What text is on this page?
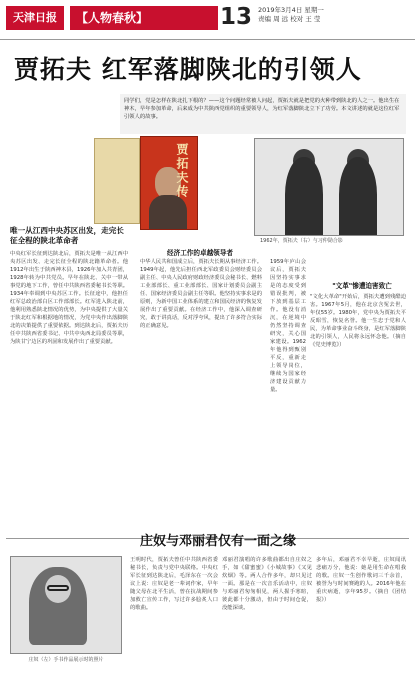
天津日报	【人物春秋】	13 2019年3月4日 星期一
责编 周 远 校对 王 莹
贾拓夫 红军落脚陕北的引领人
同学们，党是怎样在陕北扎下根的？——这个问题经常被人问起，贾拓夫就是把党的火种带到陕北的人之一。他出生在神木，早年参加革命，后来成为中共陕西党组织的重要领导人，为红军落脚陕北立下了功劳。本文讲述的就是这位红军引领人的故事。
贾拓夫传
1962年，贾拓夫（右）与习仲勋合影
唯一从江西中央苏区出发，走完长征全程的陕北革命者
中央红军长征到达陕北后，贾拓夫是唯一从江西中央苏区出发、走完长征全程的陕北籍革命者。他1912年出生于陕西神木县，1926年加入共青团，1928年转为中共党员。早年在陕北、关中一带从事党的地下工作，曾任中共陕西省委秘书长等职。1934年奉调到中央苏区工作。长征途中，他担任红军总政治部白区工作部部长。红军进入陕北前，他利用熟悉陕北情况的优势，为中央提供了大量关于陕北红军和根据地的情况，为党中央作出落脚陕北的决策提供了重要依据。到达陕北后，贾拓夫历任中共陕西省委书记、中共中央西北局委员等职，为陕甘宁边区的巩固和发展作出了重要贡献。
经济工作的卓越领导者
中华人民共和国成立后，贾拓夫长期从事经济工作。1949年起，他先后担任西北军政委员会财经委员会副主任、中央人民政府财政经济委员会秘书长、燃料工业部部长、重工业部部长、国家计划委员会副主任、国家经济委员会副主任等职。他坚持实事求是的原则，为新中国工业体系的建立和国民经济的恢复发展作出了重要贡献。在经济工作中，他深入调查研究，敢于讲真话，反对浮夸风，提出了许多符合实际的正确意见。
1959年庐山会议后，贾拓夫因坚持实事求是的态度受到错误批判，被下放到基层工作。他没有消沉，在逆境中仍然坚持调查研究，关心国家建设。1962年他得到甄别平反，重新走上领导岗位，继续为国家经济建设贡献力量。
"文革"惨遭迫害致亡
"文化大革命"开始后，贾拓夫遭到残酷迫害。1967年5月，他在北京含冤去世，年仅55岁。1980年，党中央为贾拓夫平反昭雪，恢复名誉。他一生忠于党和人民，为革命事业奋斗终身，是红军落脚陕北的引领人，人民将永远怀念他。（摘自《党史博览》）
庄奴与邓丽君仅有一面之缘
庄奴（左）手书作品展示时的照片
王明时代，贾拓夫曾任中共陕西省委秘书长，负责与党中央联络。中央红军长征到达陕北后，毛泽东在一次会议上说：庄奴是老一辈词作家，早年随父母在北平生活，曾在抗战期间参加救亡宣传工作，写过许多脍炙人口的歌曲。
邓丽君演唱的许多歌曲都出自庄奴之手，如《甜蜜蜜》《小城故事》《又见炊烟》等。两人合作多年，却只见过一面。那是在一次音乐活动中，庄奴与邓丽君匆匆相见，两人握手寒暄，彼此都十分激动，但由于时间仓促，没能深谈。
多年后，邓丽君不幸早逝，庄奴闻讯悲痛万分，他说：她是用生命在唱我的歌。庄奴一生创作歌词三千余首，被誉为与时间赛跑的人。2016年他在重庆病逝，享年95岁。（摘自《团结报》）
